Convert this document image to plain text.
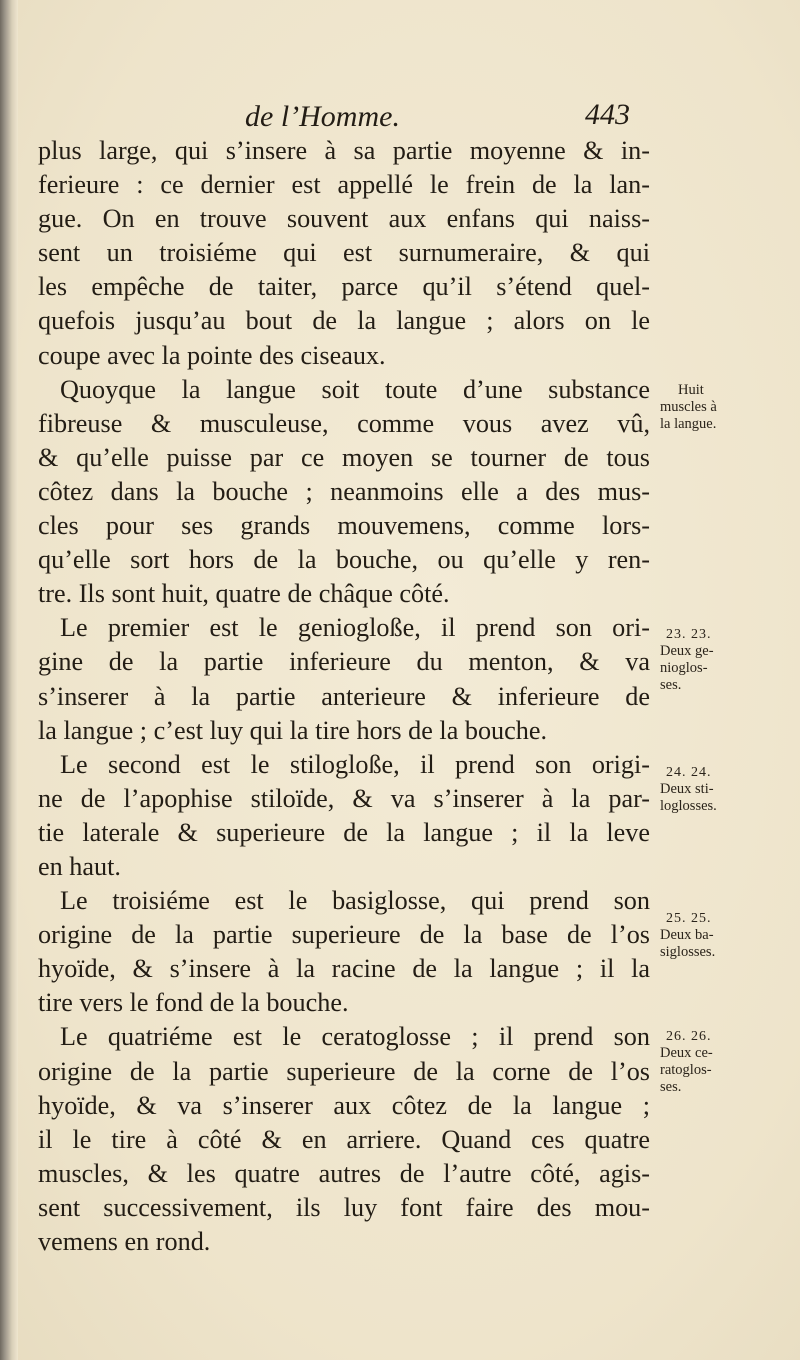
de l’Homme.	443
plus large, qui s’insere à sa partie moyenne & in-
ferieure : ce dernier est appellé le frein de la lan-
gue. On en trouve souvent aux enfans qui naiss-
sent un troisiéme qui est surnumeraire, & qui
les empêche de taiter, parce qu’il s’étend quel-
quefois jusqu’au bout de la langue ; alors on le
coupe avec la pointe des ciseaux.
Quoyque la langue soit toute d’une substance
fibreuse & musculeuse, comme vous avez vû,
& qu’elle puisse par ce moyen se tourner de tous
côtez dans la bouche ; neanmoins elle a des mus-
cles pour ses grands mouvemens, comme lors-
qu’elle sort hors de la bouche, ou qu’elle y ren-
tre. Ils sont huit, quatre de châque côté.
Le premier est le geniogloße, il prend son ori-
gine de la partie inferieure du menton, & va
s’inserer à la partie anterieure & inferieure de
la langue ; c’est luy qui la tire hors de la bouche.
Le second est le stilogloße, il prend son origi-
ne de l’apophise stiloïde, & va s’inserer à la par-
tie laterale & superieure de la langue ; il la leve
en haut.
Le troisiéme est le basiglosse, qui prend son
origine de la partie superieure de la base de l’os
hyoïde, & s’insere à la racine de la langue ; il la
tire vers le fond de la bouche.
Le quatriéme est le ceratoglosse ; il prend son
origine de la partie superieure de la corne de l’os
hyoïde, & va s’inserer aux côtez de la langue ;
il le tire à côté & en arriere. Quand ces quatre
muscles, & les quatre autres de l’autre côté, agis-
sent successivement, ils luy font faire des mou-
vemens en rond.
Huit
muscles à
la langue.
23. 23.
Deux ge-
nioglos-
ses.
24. 24.
Deux sti-
loglosses.
25. 25.
Deux ba-
siglosses.
26. 26.
Deux ce-
ratoglos-
ses.
